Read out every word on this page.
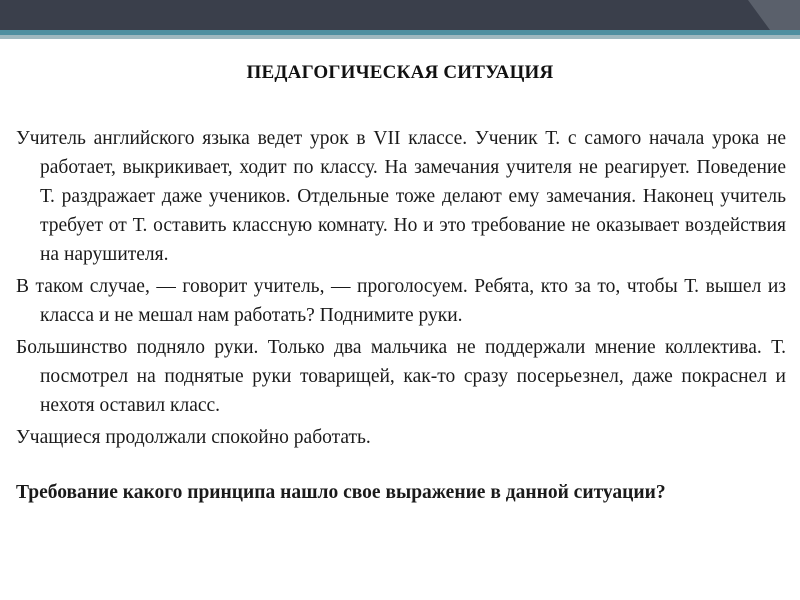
ПЕДАГОГИЧЕСКАЯ СИТУАЦИЯ

Учитель английского языка ведет урок в VII классе. Ученик Т. с самого начала урока не работает, выкрикивает, ходит по классу. На замечания учителя не реагирует. Поведение Т. раздражает даже учеников. Отдельные тоже делают ему замечания. Наконец учитель требует от Т. оставить классную комнату. Но и это требование не оказывает воздействия на нарушителя.

В таком случае, — говорит учитель, — проголосуем. Ребята, кто за то, чтобы Т. вышел из класса и не мешал нам работать? Поднимите руки.

Большинство подняло руки. Только два мальчика не поддержали мнение коллектива. Т. посмотрел на поднятые руки товарищей, как-то сразу посерьезнел, даже покраснел и нехотя оставил класс.

Учащиеся продолжали спокойно работать.

Требование какого принципа нашло свое выражение в данной ситуации?
